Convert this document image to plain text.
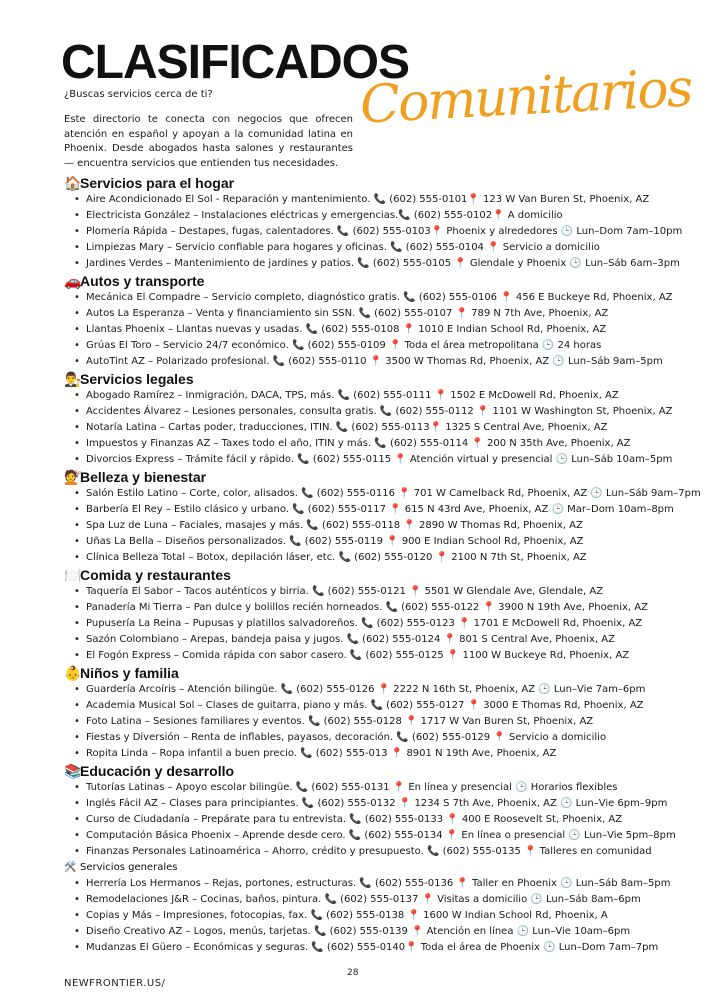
CLASIFICADOS
Comunitarios
¿Buscas servicios cerca de ti?

Este directorio te conecta con negocios que ofrecen atención en español y apoyan a la comunidad latina en Phoenix. Desde abogados hasta salones y restaurantes — encuentra servicios que entienden tus necesidades.

🏠Servicios para el hogar
• Aire Acondicionado El Sol - Reparación y mantenimiento. 📞 (602) 555-0101📍 123 W Van Buren St, Phoenix, AZ
• Electricista González – Instalaciones eléctricas y emergencias.📞 (602) 555-0102📍 A domicilio
• Plomería Rápida – Destapes, fugas, calentadores. 📞 (602) 555-0103📍 Phoenix y alrededores 🕒 Lun–Dom 7am–10pm
• Limpiezas Mary – Servicio confiable para hogares y oficinas. 📞 (602) 555-0104 📍 Servicio a domicilio
• Jardines Verdes – Mantenimiento de jardines y patios. 📞 (602) 555-0105 📍 Glendale y Phoenix 🕒 Lun–Sáb 6am–3pm
🚗Autos y transporte
• Mecánica El Compadre – Servicio completo, diagnóstico gratis. 📞 (602) 555-0106 📍 456 E Buckeye Rd, Phoenix, AZ
• Autos La Esperanza – Venta y financiamiento sin SSN. 📞 (602) 555-0107 📍 789 N 7th Ave, Phoenix, AZ
• Llantas Phoenix – Llantas nuevas y usadas. 📞 (602) 555-0108 📍 1010 E Indian School Rd, Phoenix, AZ
• Grúas El Toro – Servicio 24/7 económico. 📞 (602) 555-0109 📍 Toda el área metropolitana 🕒 24 horas
• AutoTint AZ – Polarizado profesional. 📞 (602) 555-0110 📍 3500 W Thomas Rd, Phoenix, AZ 🕒 Lun–Sáb 9am–5pm
👨‍⚖️Servicios legales
• Abogado Ramírez – Inmigración, DACA, TPS, más. 📞 (602) 555-0111 📍 1502 E McDowell Rd, Phoenix, AZ
• Accidentes Álvarez – Lesiones personales, consulta gratis. 📞 (602) 555-0112 📍 1101 W Washington St, Phoenix, AZ
• Notaría Latina – Cartas poder, traducciones, ITIN. 📞 (602) 555-0113📍 1325 S Central Ave, Phoenix, AZ
• Impuestos y Finanzas AZ – Taxes todo el año, ITIN y más. 📞 (602) 555-0114 📍 200 N 35th Ave, Phoenix, AZ
• Divorcios Express – Trámite fácil y rápido. 📞 (602) 555-0115 📍 Atención virtual y presencial 🕒 Lun–Sáb 10am–5pm
💇Belleza y bienestar
• Salón Estilo Latino – Corte, color, alisados. 📞 (602) 555-0116 📍 701 W Camelback Rd, Phoenix, AZ 🕒 Lun–Sáb 9am–7pm
• Barbería El Rey – Estilo clásico y urbano. 📞 (602) 555-0117 📍 615 N 43rd Ave, Phoenix, AZ 🕒 Mar–Dom 10am–8pm
• Spa Luz de Luna – Faciales, masajes y más. 📞 (602) 555-0118 📍 2890 W Thomas Rd, Phoenix, AZ
• Uñas La Bella – Diseños personalizados. 📞 (602) 555-0119 📍 900 E Indian School Rd, Phoenix, AZ
• Clínica Belleza Total – Botox, depilación láser, etc. 📞 (602) 555-0120 📍 2100 N 7th St, Phoenix, AZ
🍽️Comida y restaurantes
• Taquería El Sabor – Tacos auténticos y birria. 📞 (602) 555-0121 📍 5501 W Glendale Ave, Glendale, AZ
• Panadería Mi Tierra – Pan dulce y bolillos recién horneados. 📞 (602) 555-0122 📍 3900 N 19th Ave, Phoenix, AZ
• Pupusería La Reina – Pupusas y platillos salvadoreños. 📞 (602) 555-0123 📍 1701 E McDowell Rd, Phoenix, AZ
• Sazón Colombiano – Arepas, bandeja paisa y jugos. 📞 (602) 555-0124 📍 801 S Central Ave, Phoenix, AZ
• El Fogón Express – Comida rápida con sabor casero. 📞 (602) 555-0125 📍 1100 W Buckeye Rd, Phoenix, AZ
👶Niños y familia
• Guardería Arcoíris – Atención bilingüe. 📞 (602) 555-0126 📍 2222 N 16th St, Phoenix, AZ 🕒 Lun–Vie 7am–6pm
• Academia Musical Sol – Clases de guitarra, piano y más. 📞 (602) 555-0127 📍 3000 E Thomas Rd, Phoenix, AZ
• Foto Latina – Sesiones familiares y eventos. 📞 (602) 555-0128 📍 1717 W Van Buren St, Phoenix, AZ
• Fiestas y Diversión – Renta de inflables, payasos, decoración. 📞 (602) 555-0129 📍 Servicio a domicilio
• Ropita Linda – Ropa infantil a buen precio. 📞 (602) 555-013 📍 8901 N 19th Ave, Phoenix, AZ
📚Educación y desarrollo
• Tutorías Latinas – Apoyo escolar bilingüe. 📞 (602) 555-0131 📍 En línea y presencial 🕒 Horarios flexibles
• Inglés Fácil AZ – Clases para principiantes. 📞 (602) 555-0132 📍 1234 S 7th Ave, Phoenix, AZ 🕒 Lun–Vie 6pm–9pm
• Curso de Ciudadanía – Prepárate para tu entrevista. 📞 (602) 555-0133 📍 400 E Roosevelt St, Phoenix, AZ
• Computación Básica Phoenix – Aprende desde cero. 📞 (602) 555-0134 📍 En línea o presencial 🕒 Lun–Vie 5pm–8pm
• Finanzas Personales Latinoamérica – Ahorro, crédito y presupuesto. 📞 (602) 555-0135 📍 Talleres en comunidad
🛠️ Servicios generales
• Herrería Los Hermanos – Rejas, portones, estructuras. 📞 (602) 555-0136 📍 Taller en Phoenix 🕒 Lun–Sáb 8am–5pm
• Remodelaciones J&R – Cocinas, baños, pintura. 📞 (602) 555-0137 📍 Visitas a domicilio 🕒 Lun–Sáb 8am–6pm
• Copias y Más – Impresiones, fotocopias, fax. 📞 (602) 555-0138 📍 1600 W Indian School Rd, Phoenix, A
• Diseño Creativo AZ – Logos, menús, tarjetas. 📞 (602) 555-0139 📍 Atención en línea 🕒 Lun–Vie 10am–6pm
• Mudanzas El Güero – Económicas y seguras. 📞 (602) 555-0140📍 Toda el área de Phoenix 🕒 Lun–Dom 7am–7pm
28
NEWFRONTIER.US/
